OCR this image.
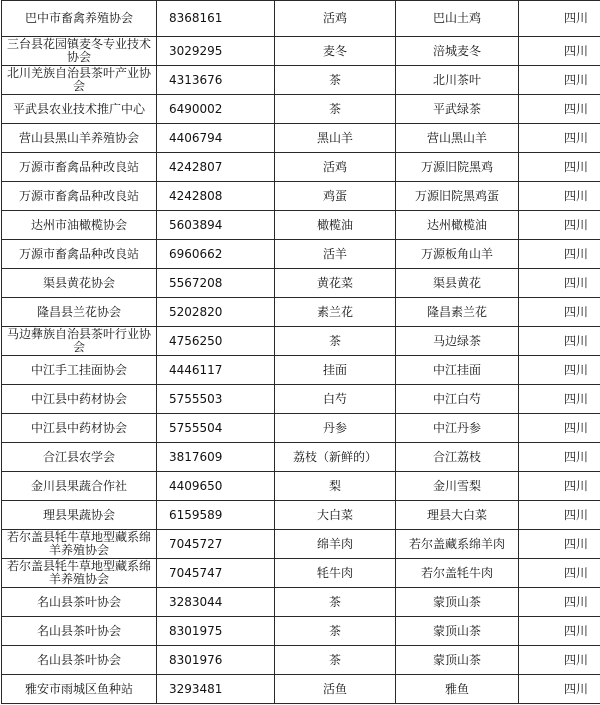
巴中市畜禽养殖协会	8368161	活鸡	巴山土鸡	四川
三台县花园镇麦冬专业技术协会	3029295	麦冬	涪城麦冬	四川
北川羌族自治县茶叶产业协会	4313676	茶	北川茶叶	四川
平武县农业技术推广中心	6490002	茶	平武绿茶	四川
营山县黑山羊养殖协会	4406794	黑山羊	营山黑山羊	四川
万源市畜禽品种改良站	4242807	活鸡	万源旧院黑鸡	四川
万源市畜禽品种改良站	4242808	鸡蛋	万源旧院黑鸡蛋	四川
达州市油橄榄协会	5603894	橄榄油	达州橄榄油	四川
万源市畜禽品种改良站	6960662	活羊	万源板角山羊	四川
渠县黄花协会	5567208	黄花菜	渠县黄花	四川
隆昌县兰花协会	5202820	素兰花	隆昌素兰花	四川
马边彝族自治县茶叶行业协会	4756250	茶	马边绿茶	四川
中江手工挂面协会	4446117	挂面	中江挂面	四川
中江县中药材协会	5755503	白芍	中江白芍	四川
中江县中药材协会	5755504	丹参	中江丹参	四川
合江县农学会	3817609	荔枝（新鲜的）	合江荔枝	四川
金川县果蔬合作社	4409650	梨	金川雪梨	四川
理县果蔬协会	6159589	大白菜	理县大白菜	四川
若尔盖县牦牛草地型藏系绵羊养殖协会	7045727	绵羊肉	若尔盖藏系绵羊肉	四川
若尔盖县牦牛草地型藏系绵羊养殖协会	7045747	牦牛肉	若尔盖牦牛肉	四川
名山县茶叶协会	3283044	茶	蒙顶山茶	四川
名山县茶叶协会	8301975	茶	蒙顶山茶	四川
名山县茶叶协会	8301976	茶	蒙顶山茶	四川
雅安市雨城区鱼种站	3293481	活鱼	雅鱼	四川
